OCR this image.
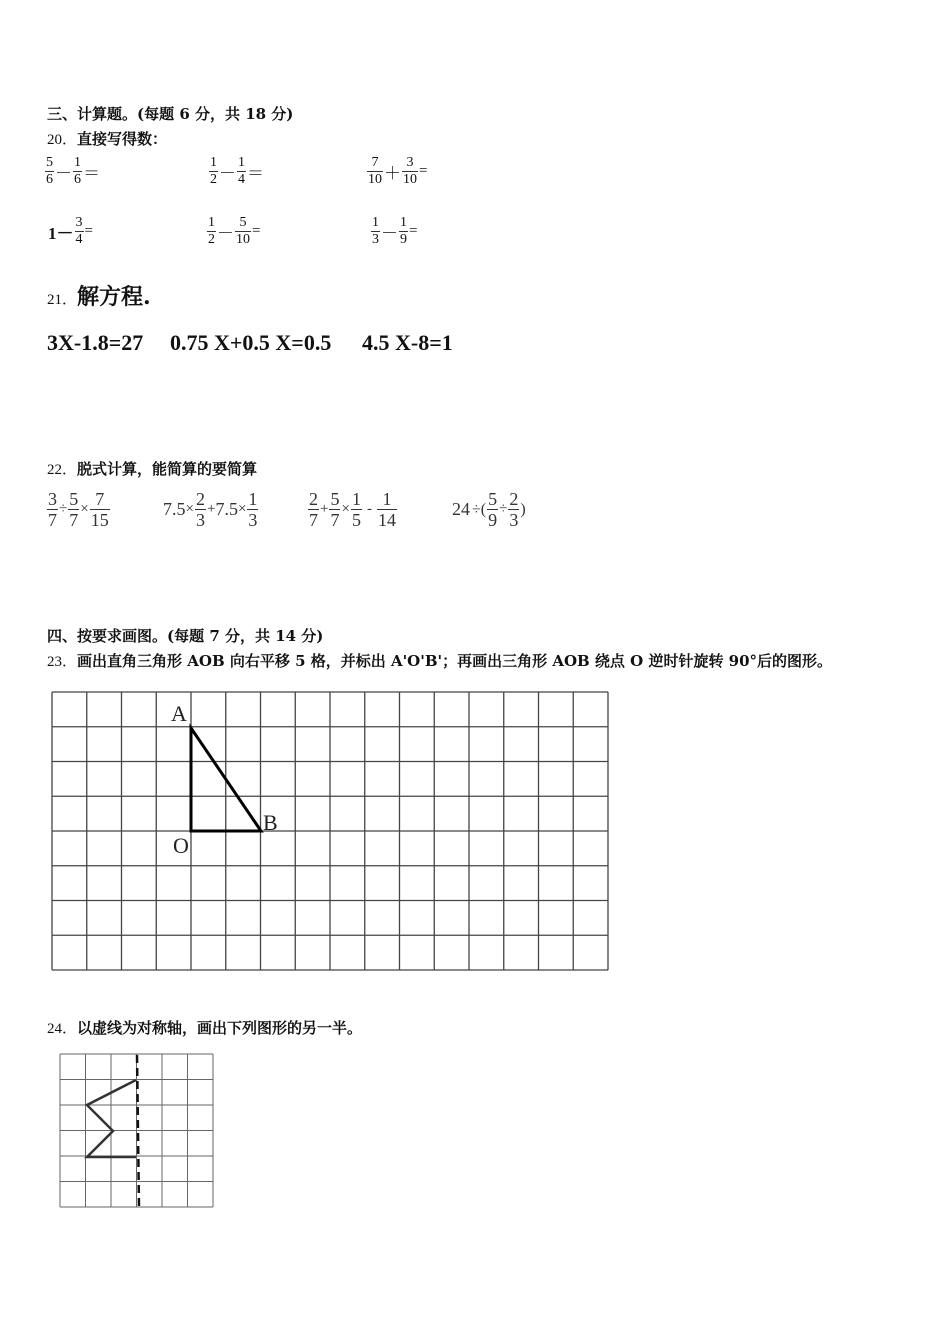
三、计算题。(每题 6 分，共 18 分)
20．直接写得数：
$\frac{5}{6} - \frac{1}{6}$ ＝	$\frac{1}{2} - \frac{1}{4}$ ＝	$\frac{7}{10} + \frac{3}{10}$ =
$1- \frac{3}{4}$ =	$\frac{1}{2} - \frac{5}{10}$ =	$\frac{1}{3} - \frac{1}{9}$ =
21．解方程.
3X-1.8=27 0.75 X+0.5 X=0.5 4.5 X-8=1
22．脱式计算，能简算的要简算
$\frac{3}{7} \div \frac{5}{7} \times \frac{7}{15}$	$7.5 \times \frac{2}{3} + 7.5 \times \frac{1}{3}$	$\frac{2}{7} + \frac{5}{7} \times \frac{1}{5} - \frac{1}{14}$	24 ÷( $\frac{5}{9} \div \frac{2}{3}$ )
四、按要求画图。(每题 7 分，共 14 分)
23．画出直角三角形 AOB 向右平移 5 格，并标出 A'O'B'；再画出三角形 AOB 绕点 O 逆时针旋转 90°后的图形。
A
O
B
24．以虚线为对称轴，画出下列图形的另一半。
